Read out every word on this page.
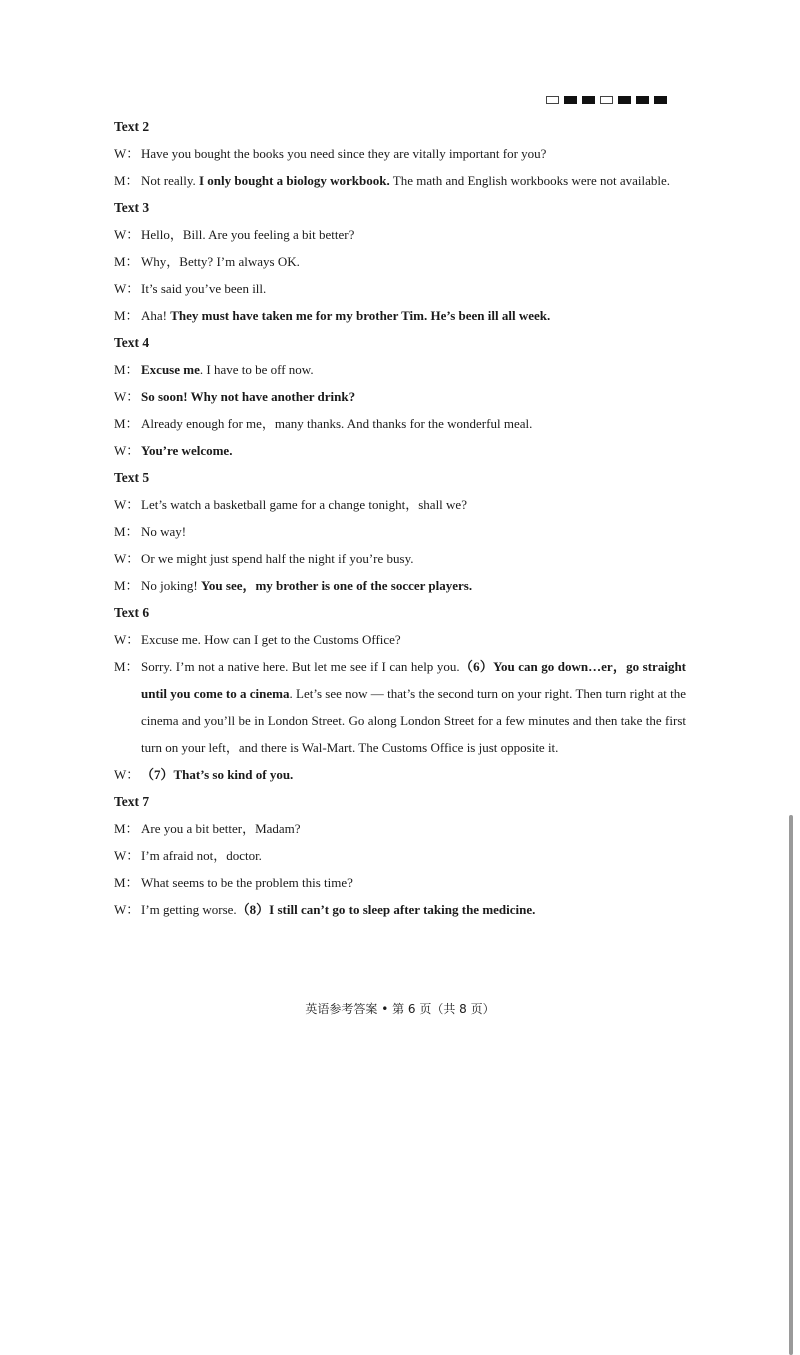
Text 2
W： Have you bought the books you need since they are vitally important for you?
M： Not really. I only bought a biology workbook. The math and English workbooks were not available.
Text 3
W： Hello，Bill. Are you feeling a bit better?
M： Why，Betty? I’m always OK.
W： It’s said you’ve been ill.
M： Aha! They must have taken me for my brother Tim. He’s been ill all week.
Text 4
M： Excuse me. I have to be off now.
W： So soon! Why not have another drink?
M： Already enough for me，many thanks. And thanks for the wonderful meal.
W： You’re welcome.
Text 5
W： Let’s watch a basketball game for a change tonight，shall we?
M： No way!
W： Or we might just spend half the night if you’re busy.
M： No joking! You see，my brother is one of the soccer players.
Text 6
W： Excuse me. How can I get to the Customs Office?
M： Sorry. I’m not a native here. But let me see if I can help you.（6）You can go down…er，go straight until you come to a cinema. Let’s see now — that’s the second turn on your right. Then turn right at the cinema and you’ll be in London Street. Go along London Street for a few minutes and then take the first turn on your left，and there is Wal-Mart. The Customs Office is just opposite it.
W： （7）That’s so kind of you.
Text 7
M： Are you a bit better，Madam?
W： I’m afraid not，doctor.
M： What seems to be the problem this time?
W： I’m getting worse.（8）I still can’t go to sleep after taking the medicine.
英语参考答案 • 第 6 页（共 8 页）
